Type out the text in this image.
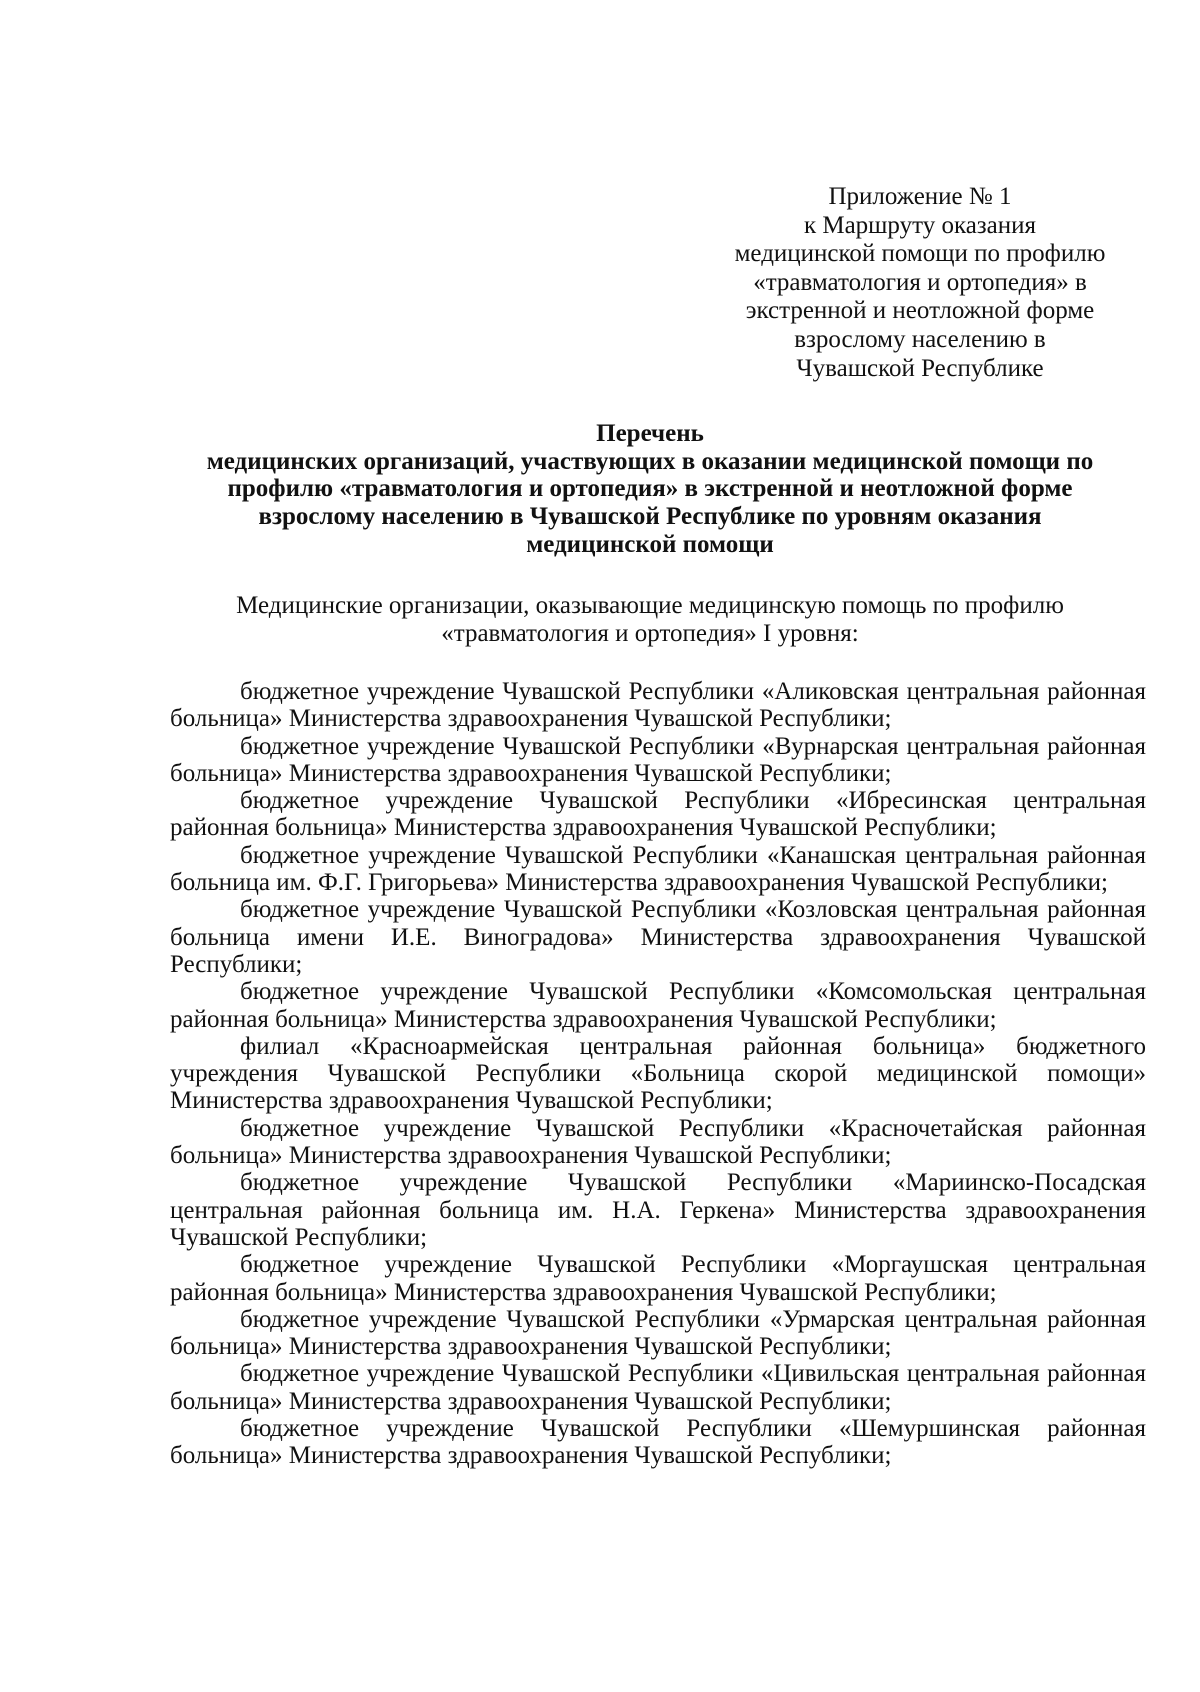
Приложение № 1
к Маршруту оказания
медицинской помощи по профилю
«травматология и ортопедия» в
экстренной и неотложной форме
взрослому населению в
Чувашской Республике
Перечень
медицинских организаций, участвующих в оказании медицинской помощи по
профилю «травматология и ортопедия» в экстренной и неотложной форме
взрослому населению в Чувашской Республике по уровням оказания
медицинской помощи
Медицинские организации, оказывающие медицинскую помощь по профилю
«травматология и ортопедия» I уровня:

бюджетное учреждение Чувашской Республики «Аликовская центральная районная больница» Министерства здравоохранения Чувашской Республики;

бюджетное учреждение Чувашской Республики «Вурнарская центральная районная больница» Министерства здравоохранения Чувашской Республики;

бюджетное учреждение Чувашской Республики «Ибресинская центральная районная больница» Министерства здравоохранения Чувашской Республики;

бюджетное учреждение Чувашской Республики «Канашская центральная районная больница им. Ф.Г. Григорьева» Министерства здравоохранения Чувашской Республики;

бюджетное учреждение Чувашской Республики «Козловская центральная районная больница имени И.Е. Виноградова» Министерства здравоохранения Чувашской Республики;

бюджетное учреждение Чувашской Республики «Комсомольская центральная районная больница» Министерства здравоохранения Чувашской Республики;

филиал «Красноармейская центральная районная больница» бюджетного учреждения Чувашской Республики «Больница скорой медицинской помощи» Министерства здравоохранения Чувашской Республики;

бюджетное учреждение Чувашской Республики «Красночетайская районная больница» Министерства здравоохранения Чувашской Республики;

бюджетное учреждение Чувашской Республики «Мариинско-Посадская центральная районная больница им. Н.А. Геркена» Министерства здравоохранения Чувашской Республики;

бюджетное учреждение Чувашской Республики «Моргаушская центральная районная больница» Министерства здравоохранения Чувашской Республики;

бюджетное учреждение Чувашской Республики «Урмарская центральная районная больница» Министерства здравоохранения Чувашской Республики;

бюджетное учреждение Чувашской Республики «Цивильская центральная районная больница» Министерства здравоохранения Чувашской Республики;

бюджетное учреждение Чувашской Республики «Шемуршинская районная больница» Министерства здравоохранения Чувашской Республики;
